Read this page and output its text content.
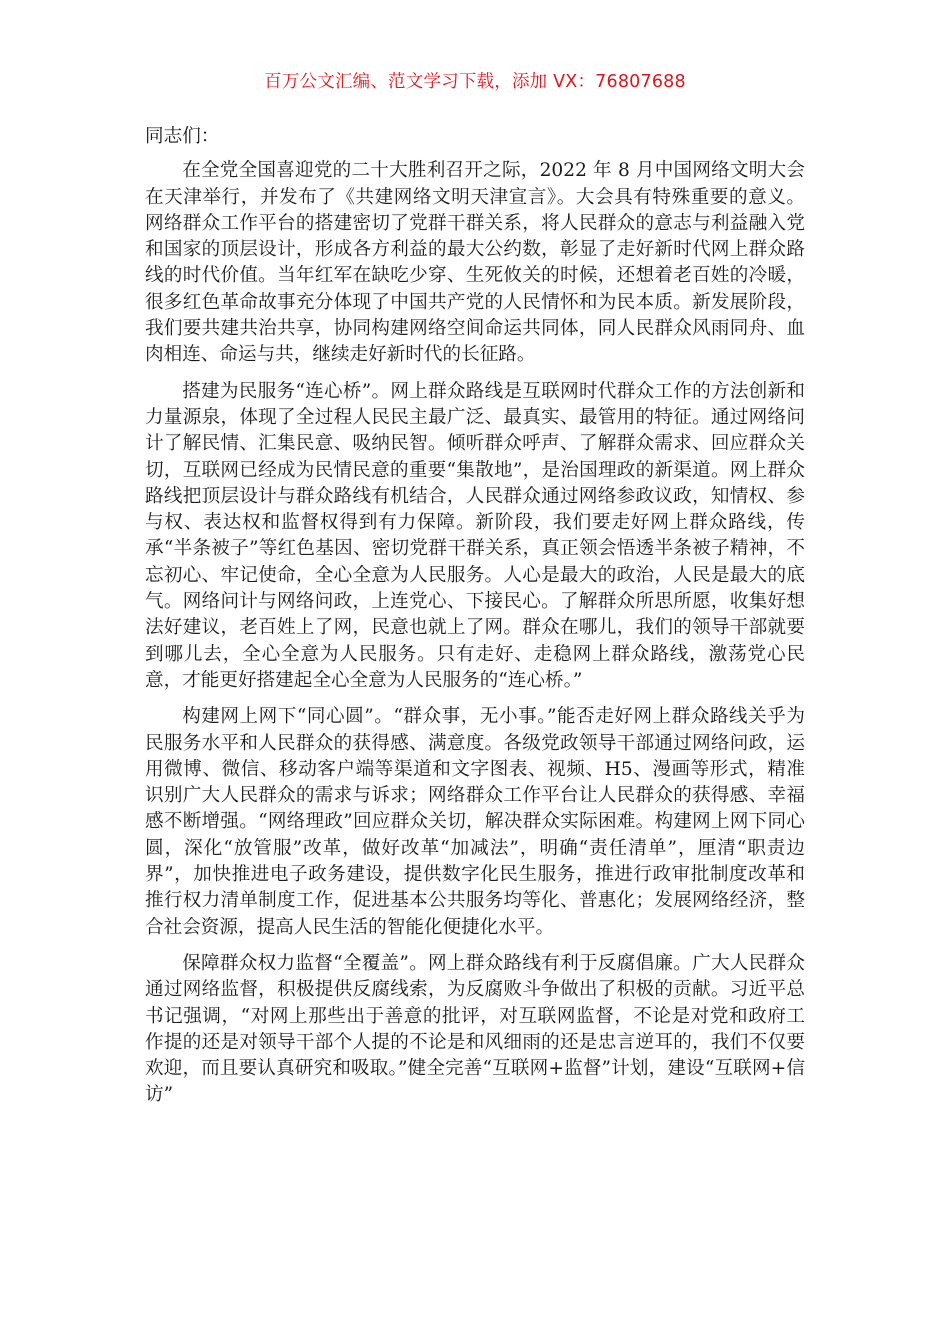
百万公文汇编、范文学习下载，添加 VX：76807688

同志们：

在全党全国喜迎党的二十大胜利召开之际，2022 年 8 月中国网络文明大会在天津举行，并发布了《共建网络文明天津宣言》。大会具有特殊重要的意义。网络群众工作平台的搭建密切了党群干群关系，将人民群众的意志与利益融入党和国家的顶层设计，形成各方利益的最大公约数，彰显了走好新时代网上群众路线的时代价值。当年红军在缺吃少穿、生死攸关的时候，还想着老百姓的冷暖，很多红色革命故事充分体现了中国共产党的人民情怀和为民本质。新发展阶段，我们要共建共治共享，协同构建网络空间命运共同体，同人民群众风雨同舟、血肉相连、命运与共，继续走好新时代的长征路。

搭建为民服务“连心桥”。网上群众路线是互联网时代群众工作的方法创新和力量源泉，体现了全过程人民民主最广泛、最真实、最管用的特征。通过网络问计了解民情、汇集民意、吸纳民智。倾听群众呼声、了解群众需求、回应群众关切，互联网已经成为民情民意的重要“集散地”，是治国理政的新渠道。网上群众路线把顶层设计与群众路线有机结合，人民群众通过网络参政议政，知情权、参与权、表达权和监督权得到有力保障。新阶段，我们要走好网上群众路线，传承“半条被子”等红色基因、密切党群干群关系，真正领会悟透半条被子精神，不忘初心、牢记使命，全心全意为人民服务。人心是最大的政治，人民是最大的底气。网络问计与网络问政，上连党心、下接民心。了解群众所思所愿，收集好想法好建议，老百姓上了网，民意也就上了网。群众在哪儿，我们的领导干部就要到哪儿去，全心全意为人民服务。只有走好、走稳网上群众路线，激荡党心民意，才能更好搭建起全心全意为人民服务的“连心桥。”

构建网上网下“同心圆”。“群众事，无小事。”能否走好网上群众路线关乎为民服务水平和人民群众的获得感、满意度。各级党政领导干部通过网络问政，运用微博、微信、移动客户端等渠道和文字图表、视频、H5、漫画等形式，精准识别广大人民群众的需求与诉求；网络群众工作平台让人民群众的获得感、幸福感不断增强。“网络理政”回应群众关切，解决群众实际困难。构建网上网下同心圆，深化“放管服”改革，做好改革“加减法”，明确“责任清单”，厘清“职责边界”，加快推进电子政务建设，提供数字化民生服务，推进行政审批制度改革和推行权力清单制度工作，促进基本公共服务均等化、普惠化；发展网络经济，整合社会资源，提高人民生活的智能化便捷化水平。

保障群众权力监督“全覆盖”。网上群众路线有利于反腐倡廉。广大人民群众通过网络监督，积极提供反腐线索，为反腐败斗争做出了积极的贡献。习近平总书记强调，“对网上那些出于善意的批评，对互联网监督，不论是对党和政府工作提的还是对领导干部个人提的不论是和风细雨的还是忠言逆耳的，我们不仅要欢迎，而且要认真研究和吸取。”健全完善“互联网+监督”计划，建设“互联网+信访”
